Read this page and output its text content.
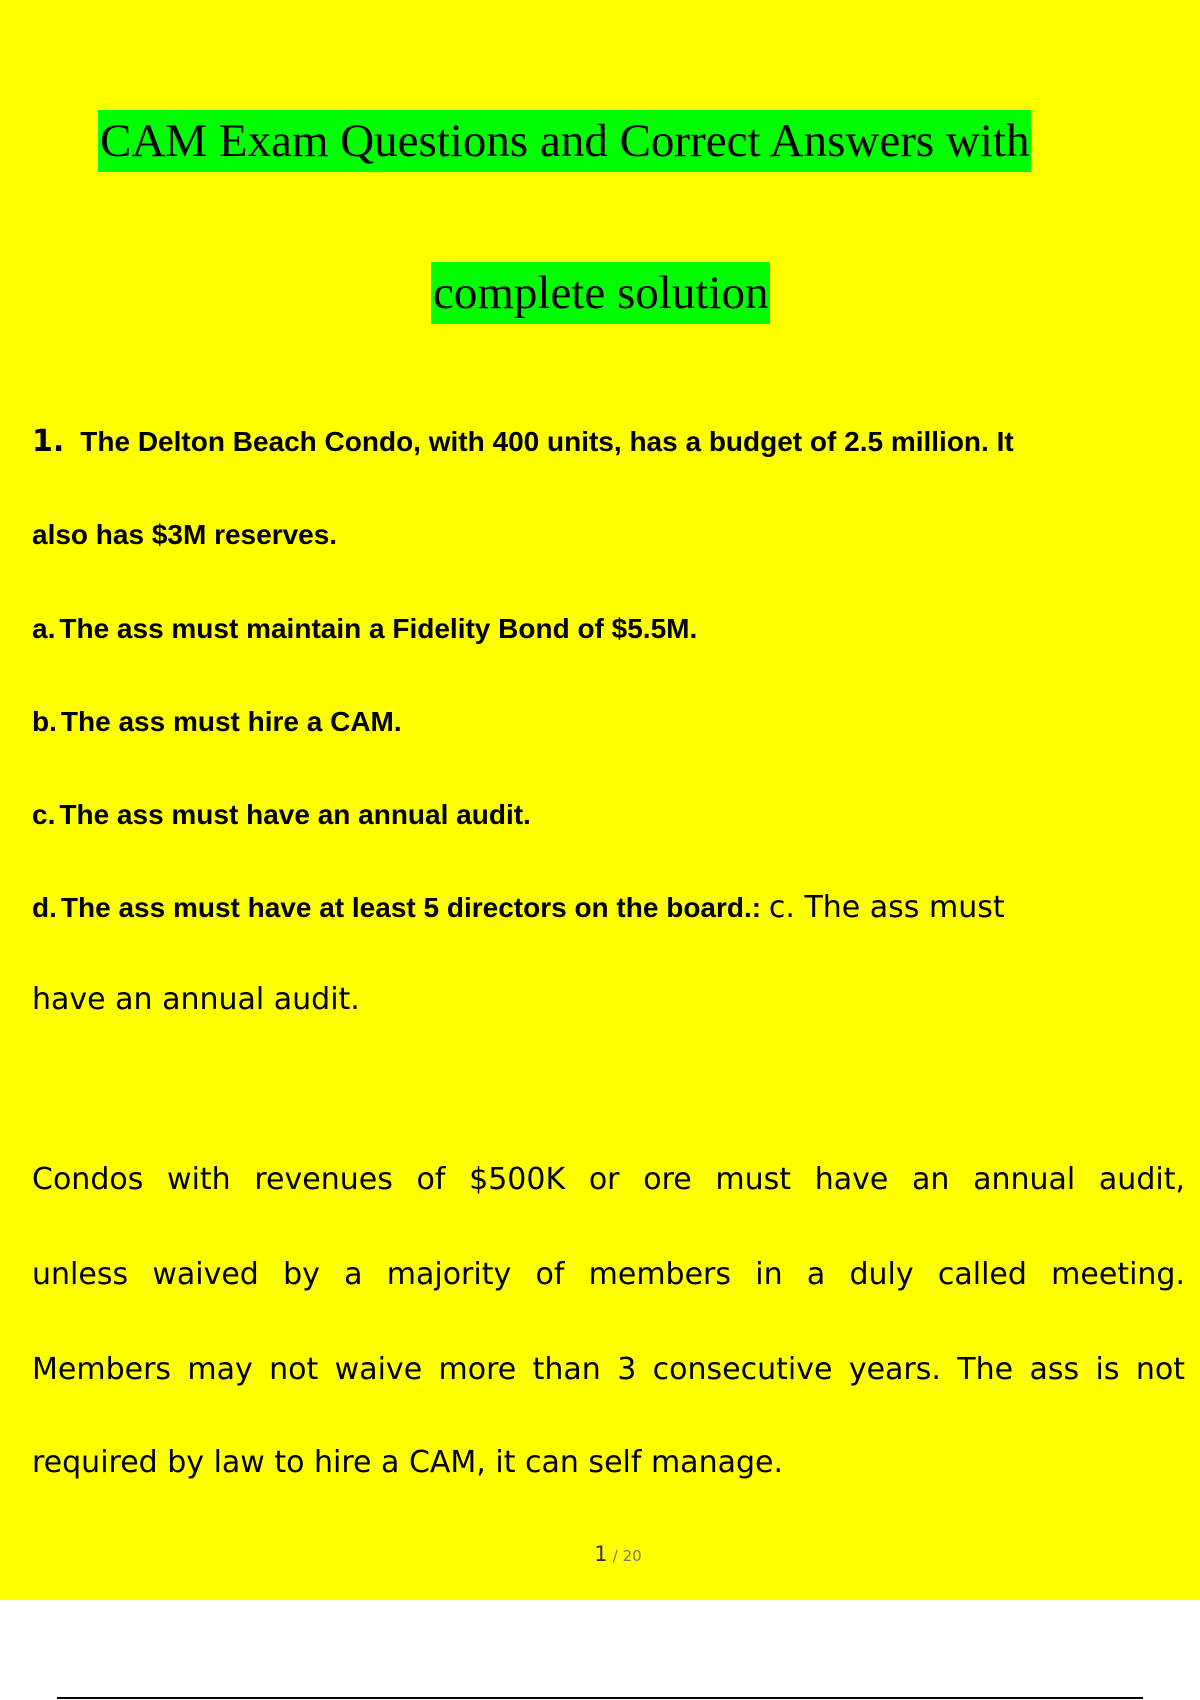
CAM Exam Questions and Correct Answers with
complete solution
1. The Delton Beach Condo, with 400 units, has a budget of 2.5 million. It
also has $3M reserves.
a. The ass must maintain a Fidelity Bond of $5.5M.
b. The ass must hire a CAM.
c. The ass must have an annual audit.
d. The ass must have at least 5 directors on the board.: c. The ass must
have an annual audit.
Condos with revenues of $500K or ore must have an annual audit,
unless waived by a majority of members in a duly called meeting.
Members may not waive more than 3 consecutive years. The ass is not
required by law to hire a CAM, it can self manage.
1 / 20
